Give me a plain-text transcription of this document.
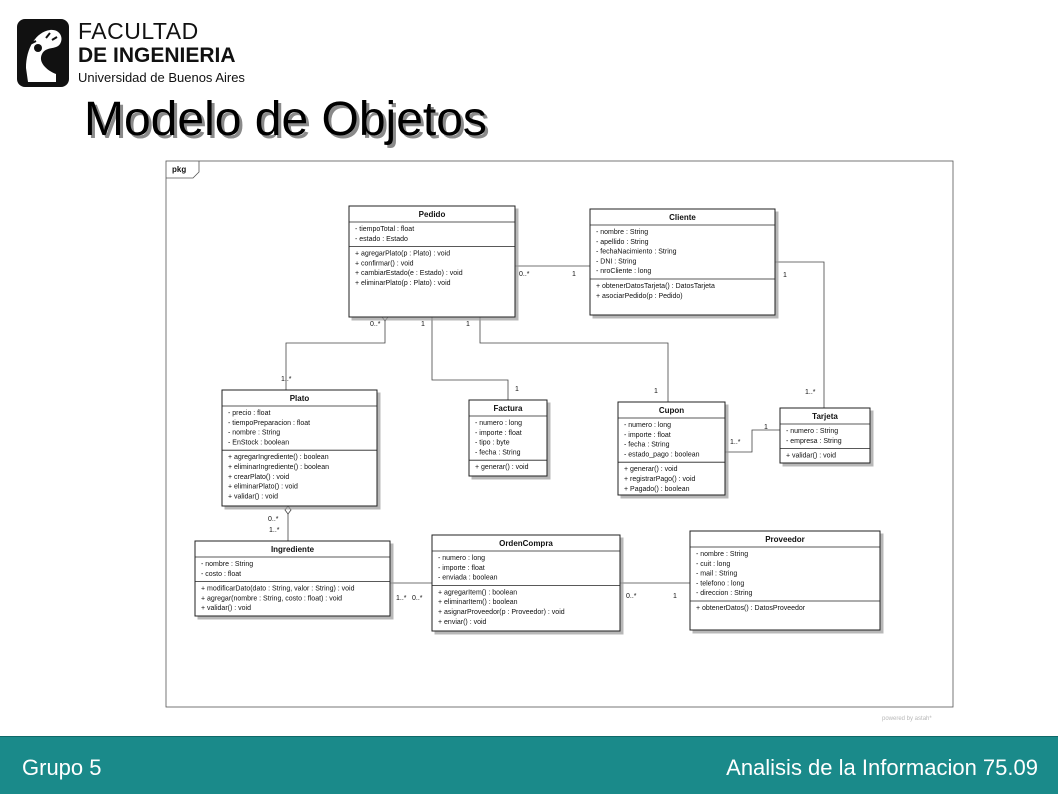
FACULTAD
DE INGENIERIA
Universidad de Buenos Aires
Modelo de Objetos
pkg
0..*	1
0..*
1..*
1	1
1	1
1
1..*
1
1..*
0..*
1..*
1..* 0..*	0..*	1
Pedido
- tiempoTotal : float
- estado : Estado
+ agregarPlato(p : Plato) : void
+ confirmar() : void
+ cambiarEstado(e : Estado) : void
+ eliminarPlato(p : Plato) : void
Cliente
- nombre : String
- apellido : String
- fechaNacimiento : String
- DNI : String
- nroCliente : long
+ obtenerDatosTarjeta() : DatosTarjeta
+ asociarPedido(p : Pedido)
Plato
- precio : float
- tiempoPreparacion : float
- nombre : String
- EnStock : boolean
+ agregarIngrediente() : boolean
+ eliminarIngrediente() : boolean
+ crearPlato() : void
+ eliminarPlato() : void
+ validar() : void
Factura
- numero : long
- importe : float
- tipo : byte
- fecha : String
+ generar() : void
Cupon
- numero : long
- importe : float
- fecha : String
- estado_pago : boolean
+ generar() : void
+ registrarPago() : void
+ Pagado() : boolean
Tarjeta
- numero : String
- empresa : String
+ validar() : void
Ingrediente
- nombre : String
- costo : float
+ modificarDato(dato : String, valor : String) : void
+ agregar(nombre : String, costo : float) : void
+ validar() : void
OrdenCompra
- numero : long
- importe : float
- enviada : boolean
+ agregarItem() : boolean
+ eliminarItem() : boolean
+ asignarProveedor(p : Proveedor) : void
+ enviar() : void
Proveedor
- nombre : String
- cuit : long
- mail : String
- telefono : long
- direccion : String
+ obtenerDatos() : DatosProveedor
powered by astah*
Grupo 5	Analisis de la Informacion 75.09
